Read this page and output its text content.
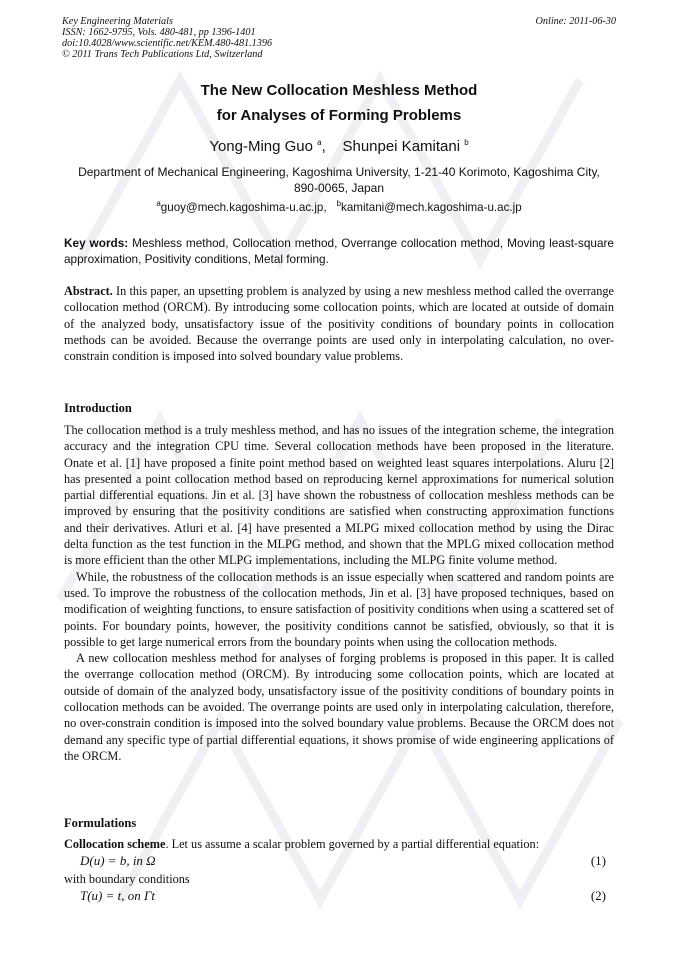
Key Engineering Materials
ISSN: 1662-9795, Vols. 480-481, pp 1396-1401
doi:10.4028/www.scientific.net/KEM.480-481.1396
© 2011 Trans Tech Publications Ltd, Switzerland
Online: 2011-06-30
The New Collocation Meshless Method
for Analyses of Forming Problems
Yong-Ming Guo $^a$, Shunpei Kamitani $^b$
Department of Mechanical Engineering, Kagoshima University, 1-21-40 Korimoto, Kagoshima City,
890-0065, Japan
$^a$guoy@mech.kagoshima-u.ac.jp, $^b$kamitani@mech.kagoshima-u.ac.jp
Key words: Meshless method, Collocation method, Overrange collocation method, Moving least-square approximation, Positivity conditions, Metal forming.

Abstract. In this paper, an upsetting problem is analyzed by using a new meshless method called the overrange collocation method (ORCM). By introducing some collocation points, which are located at outside of domain of the analyzed body, unsatisfactory issue of the positivity conditions of boundary points in collocation methods can be avoided. Because the overrange points are used only in interpolating calculation, no over-constrain condition is imposed into solved boundary value problems.

Introduction

The collocation method is a truly meshless method, and has no issues of the integration scheme, the integration accuracy and the integration CPU time. Several collocation methods have been proposed in the literature. Onate et al. [1] have proposed a finite point method based on weighted least squares interpolations. Aluru [2] has presented a point collocation method based on reproducing kernel approximations for numerical solution partial differential equations. Jin et al. [3] have shown the robustness of collocation meshless methods can be improved by ensuring that the positivity conditions are satisfied when constructing approximation functions and their derivatives. Atluri et al. [4] have presented a MLPG mixed collocation method by using the Dirac delta function as the test function in the MLPG method, and shown that the MPLG mixed collocation method is more efficient than the other MLPG implementations, including the MLPG finite volume method.

While, the robustness of the collocation methods is an issue especially when scattered and random points are used. To improve the robustness of the collocation methods, Jin et al. [3] have proposed techniques, based on modification of weighting functions, to ensure satisfaction of positivity conditions when using a scattered set of points. For boundary points, however, the positivity conditions cannot be satisfied, obviously, so that it is possible to get large numerical errors from the boundary points when using the collocation methods.

A new collocation meshless method for analyses of forging problems is proposed in this paper. It is called the overrange collocation method (ORCM). By introducing some collocation points, which are located at outside of domain of the analyzed body, unsatisfactory issue of the positivity conditions of boundary points in collocation methods can be avoided. The overrange points are used only in interpolating calculation, therefore, no over-constrain condition is imposed into the solved boundary value problems. Because the ORCM does not demand any specific type of partial differential equations, it shows promise of wide engineering applications of the ORCM.

Formulations
Collocation scheme. Let us assume a scalar problem governed by a partial differential equation:
D(u) = b, in Ω	(1)
with boundary conditions
T(u) = t, on Γt	(2)
